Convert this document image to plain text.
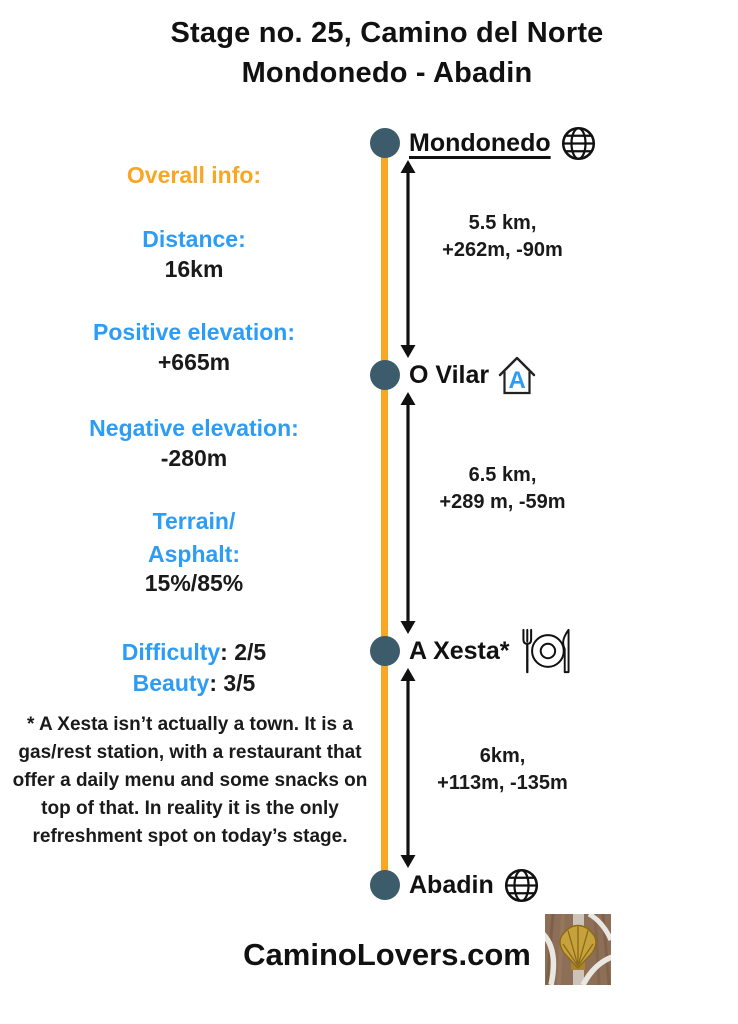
Stage no. 25, Camino del Norte
Mondonedo - Abadin
Overall info:
Distance:
16km
Positive elevation:
+665m
Negative elevation:
-280m
Terrain/
Asphalt:
15%/85%
Difficulty: 2/5
Beauty: 3/5

* A Xesta isn’t actually a town. It is a gas/rest station, with a restaurant that offer a daily menu and some snacks on top of that. In reality it is the only refreshment spot on today’s stage.

Mondonedo
O Vilar A
A Xesta*
Abadin
5.5 km,
+262m, -90m
6.5 km,
+289 m, -59m
6km,
+113m, -135m
CaminoLovers.com
